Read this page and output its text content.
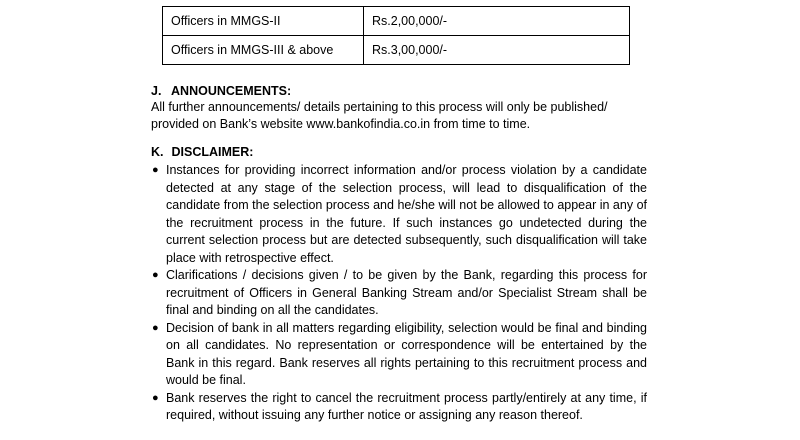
Officers in MMGS-II	Rs.2,00,000/-
Officers in MMGS-III & above	Rs.3,00,000/-

J. ANNOUNCEMENTS:

All further announcements/ details pertaining to this process will only be published/
provided on Bank’s website www.bankofindia.co.in from time to time.

K. DISCLAIMER:

● Instances for providing incorrect information and/or process violation by a candidate detected at any stage of the selection process, will lead to disqualification of the candidate from the selection process and he/she will not be allowed to appear in any of the recruitment process in the future. If such instances go undetected during the current selection process but are detected subsequently, such disqualification will take place with retrospective effect.
● Clarifications / decisions given / to be given by the Bank, regarding this process for recruitment of Officers in General Banking Stream and/or Specialist Stream shall be final and binding on all the candidates.
● Decision of bank in all matters regarding eligibility, selection would be final and binding on all candidates. No representation or correspondence will be entertained by the Bank in this regard. Bank reserves all rights pertaining to this recruitment process and would be final.
● Bank reserves the right to cancel the recruitment process partly/entirely at any time, if required, without issuing any further notice or assigning any reason thereof.
